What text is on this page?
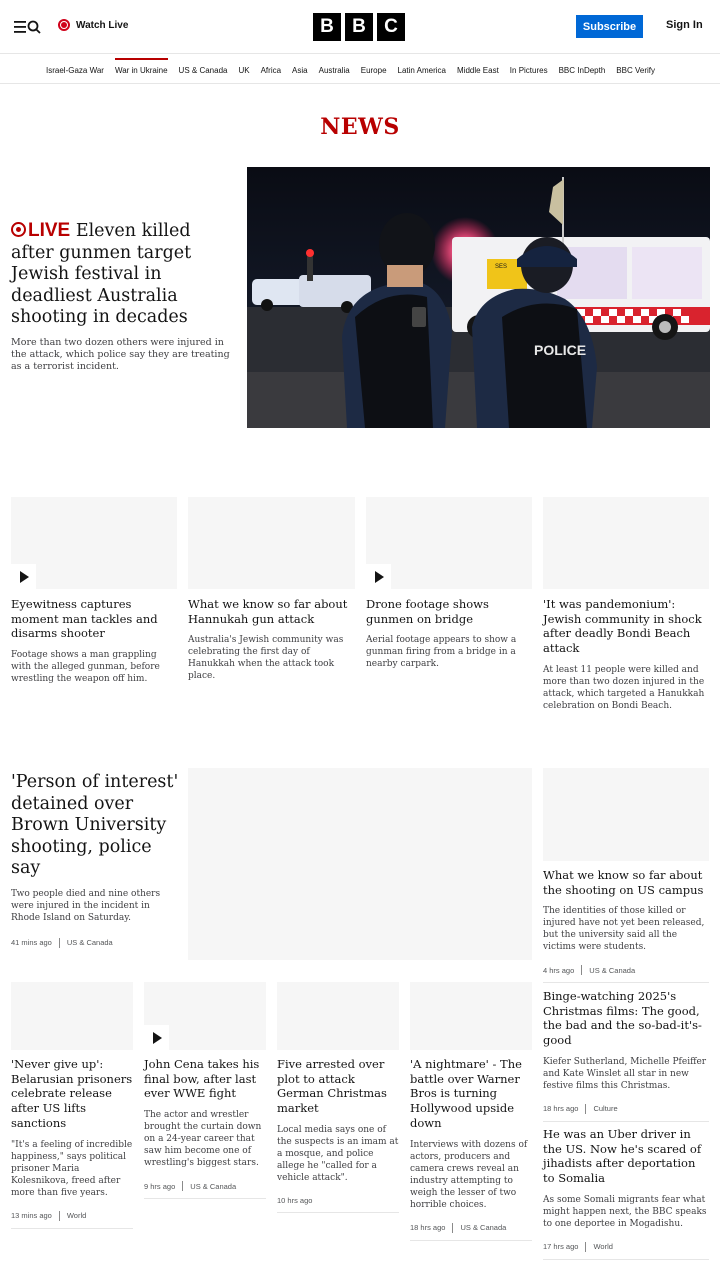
Watch Live	B B C	Subscribe	Sign In
Israel-Gaza War War in Ukraine US & Canada UK Africa Asia Australia Europe Latin America Middle East In Pictures BBC InDepth BBC Verify
NEWS
LIVE Eleven killed after gunmen target Jewish festival in deadliest Australia shooting in decades
More than two dozen others were injured in the attack, which police say they are treating as a terrorist incident.
SES
POLICE
Eyewitness captures moment man tackles and disarms shooter
Footage shows a man grappling with the alleged gunman, before wrestling the weapon off him.
What we know so far about Hannukah gun attack
Australia's Jewish community was celebrating the first day of Hanukkah when the attack took place.
Drone footage shows gunmen on bridge
Aerial footage appears to show a gunman firing from a bridge in a nearby carpark.
'It was pandemonium': Jewish community in shock after deadly Bondi Beach attack
At least 11 people were killed and more than two dozen injured in the attack, which targeted a Hanukkah celebration on Bondi Beach.
'Person of interest' detained over Brown University shooting, police say
Two people died and nine others were injured in the incident in Rhode Island on Saturday.
41 mins ago US & Canada
What we know so far about the shooting on US campus
The identities of those killed or injured have not yet been released, but the university said all the victims were students.
4 hrs ago US & Canada
Binge-watching 2025's Christmas films: The good, the bad and the so-bad-it's-good
Kiefer Sutherland, Michelle Pfeiffer and Kate Winslet all star in new festive films this Christmas.
18 hrs ago Culture
He was an Uber driver in the US. Now he's scared of jihadists after deportation to Somalia
As some Somali migrants fear what might happen next, the BBC speaks to one deportee in Mogadishu.
17 hrs ago World
'Never give up': Belarusian prisoners celebrate release after US lifts sanctions
"It's a feeling of incredible happiness," says political prisoner Maria Kolesnikova, freed after more than five years.
13 mins ago World
John Cena takes his final bow, after last ever WWE fight
The actor and wrestler brought the curtain down on a 24-year career that saw him become one of wrestling's biggest stars.
9 hrs ago US & Canada
Five arrested over plot to attack German Christmas market
Local media says one of the suspects is an imam at a mosque, and police allege he "called for a vehicle attack".
10 hrs ago
'A nightmare' - The battle over Warner Bros is turning Hollywood upside down
Interviews with dozens of actors, producers and camera crews reveal an industry attempting to weigh the lesser of two horrible choices.
18 hrs ago US & Canada
